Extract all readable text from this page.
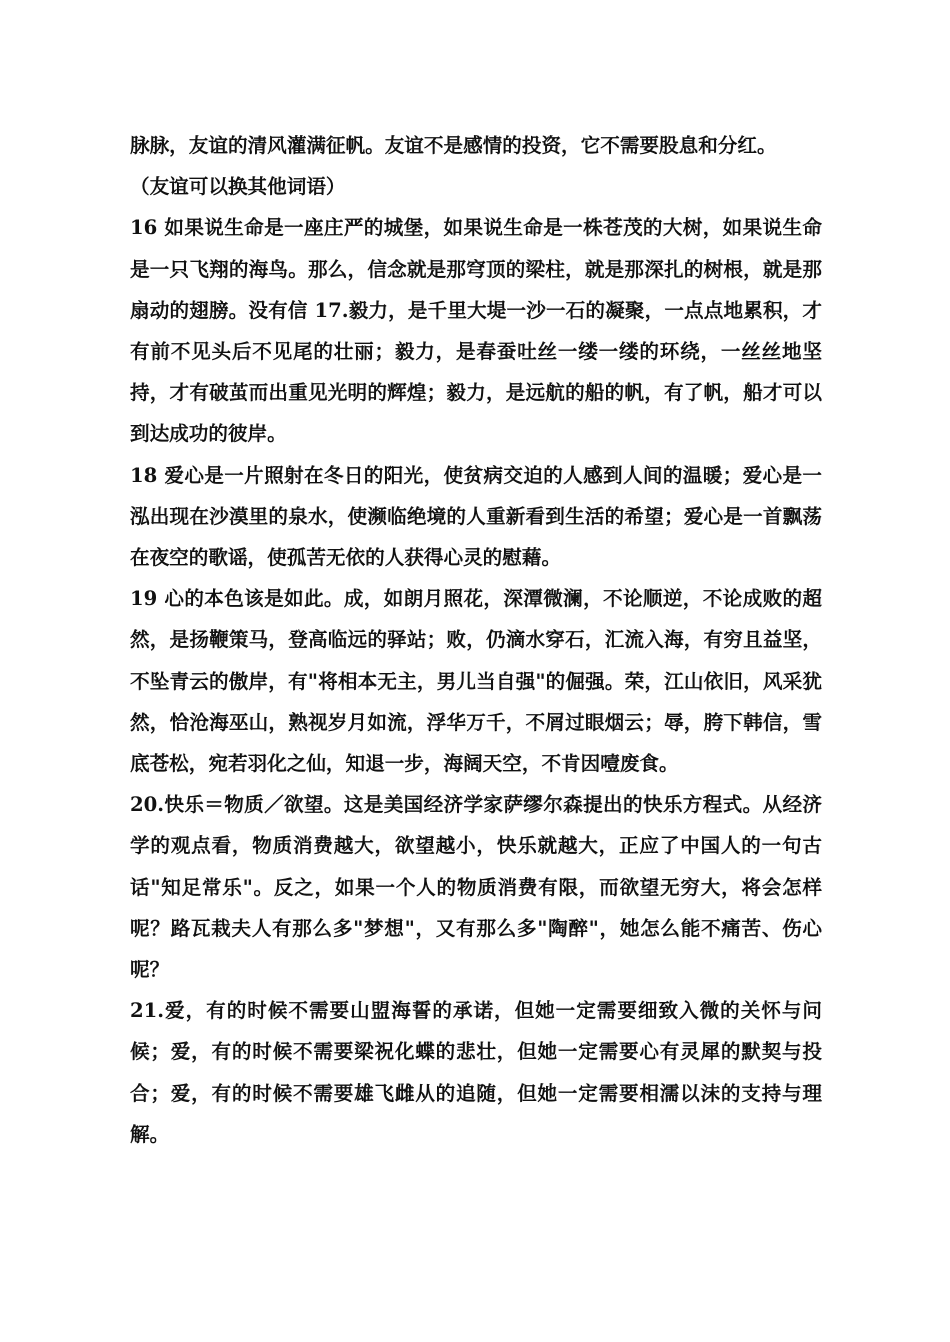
脉脉，友谊的清风灌满征帆。友谊不是感情的投资，它不需要股息和分红。

（友谊可以换其他词语）

16 如果说生命是一座庄严的城堡，如果说生命是一株苍茂的大树，如果说生命是一只飞翔的海鸟。那么，信念就是那穹顶的梁柱，就是那深扎的树根，就是那扇动的翅膀。没有信 17.毅力，是千里大堤一沙一石的凝聚，一点点地累积，才有前不见头后不见尾的壮丽；毅力，是春蚕吐丝一缕一缕的环绕，一丝丝地坚持，才有破茧而出重见光明的辉煌；毅力，是远航的船的帆，有了帆，船才可以到达成功的彼岸。

18 爱心是一片照射在冬日的阳光，使贫病交迫的人感到人间的温暖；爱心是一泓出现在沙漠里的泉水，使濒临绝境的人重新看到生活的希望；爱心是一首飘荡在夜空的歌谣，使孤苦无依的人获得心灵的慰藉。

19 心的本色该是如此。成，如朗月照花，深潭微澜，不论顺逆，不论成败的超然，是扬鞭策马，登高临远的驿站；败，仍滴水穿石，汇流入海，有穷且益坚，不坠青云的傲岸，有"将相本无主，男儿当自强"的倔强。荣，江山依旧，风采犹然，恰沧海巫山，熟视岁月如流，浮华万千，不屑过眼烟云；辱，胯下韩信，雪底苍松，宛若羽化之仙，知退一步，海阔天空，不肯因噎废食。

20.快乐＝物质／欲望。这是美国经济学家萨缪尔森提出的快乐方程式。从经济学的观点看，物质消费越大，欲望越小，快乐就越大，正应了中国人的一句古话"知足常乐"。反之，如果一个人的物质消费有限，而欲望无穷大，将会怎样呢？路瓦栽夫人有那么多"梦想"，又有那么多"陶醉"，她怎么能不痛苦、伤心呢？

21.爱，有的时候不需要山盟海誓的承诺，但她一定需要细致入微的关怀与问候；爱，有的时候不需要梁祝化蝶的悲壮，但她一定需要心有灵犀的默契与投合；爱，有的时候不需要雄飞雌从的追随，但她一定需要相濡以沫的支持与理解。
